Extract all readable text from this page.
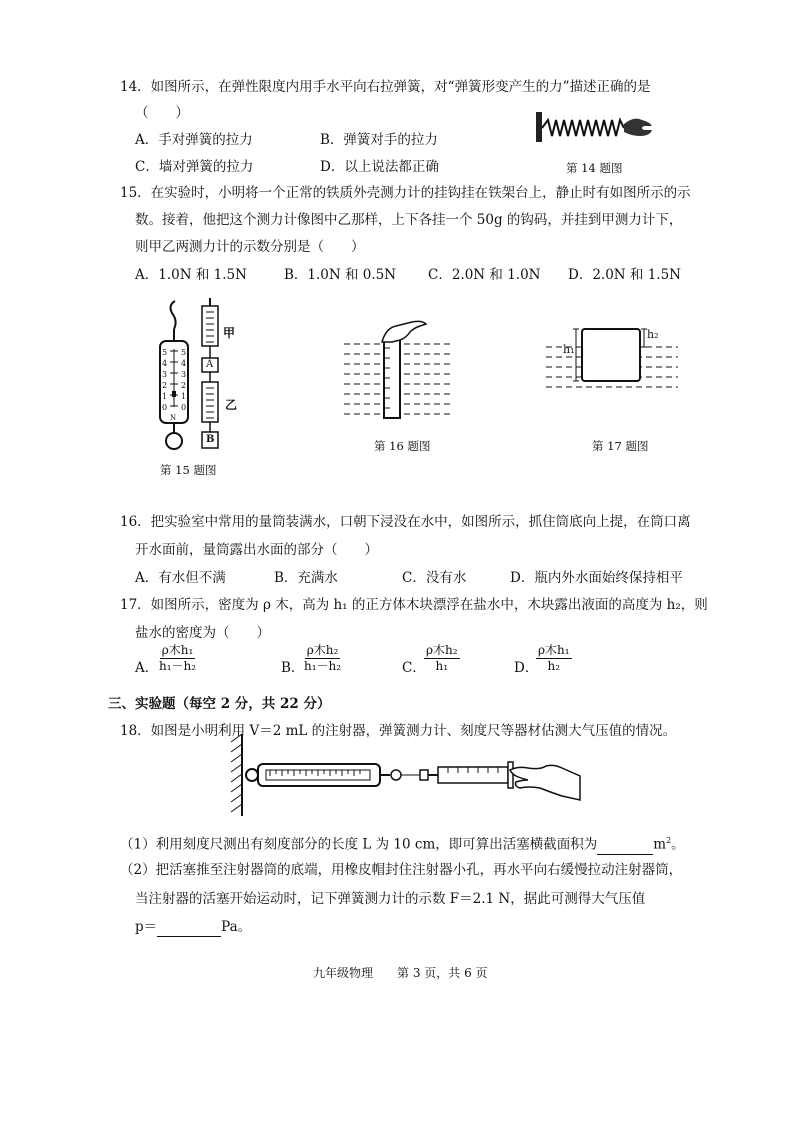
14．如图所示，在弹性限度内用手水平向右拉弹簧，对“弹簧形变产生的力”描述正确的是
（　　）
A．手对弹簧的拉力	B．弹簧对手的拉力
C．墙对弹簧的拉力	D．以上说法都正确	第 14 题图
15．在实验时，小明将一个正常的铁质外壳测力计的挂钩挂在铁架台上，静止时有如图所示的示
数。接着，他把这个测力计像图中乙那样，上下各挂一个 50g 的钩码，并挂到甲测力计下，
则甲乙两测力计的示数分别是（　　）
A．1.0N 和 1.5N	B．1.0N 和 0.5N C．2.0N 和 1.0N D．2.0N 和 1.5N
5
4
3
2
1
0
5
4
3
2
1
0
N
甲
A
乙
B
第 15 题图
第 16 题图
h₁
h₂
第 17 题图
16．把实验室中常用的量筒装满水，口朝下浸没在水中，如图所示，抓住筒底向上提，在筒口离
开水面前，量筒露出水面的部分（　　）
A．有水但不满	B．充满水	C．没有水	D．瓶内外水面始终保持相平
17．如图所示，密度为 ρ 木，高为 h₁ 的正方体木块漂浮在盐水中，木块露出液面的高度为 h₂，则
盐水的密度为（　　）
A．
ρ木h₁
h₁－h₂	B．
ρ木h₂
h₁－h₂	C．
ρ木h₂
h₁	D．
ρ木h₁
h₂
三、实验题（每空 2 分，共 22 分）
18．如图是小明利用 V＝2 mL 的注射器，弹簧测力计、刻度尺等器材估测大气压值的情况。
（1）利用刻度尺测出有刻度部分的长度 L 为 10 cm，即可算出活塞横截面积为	$m^2$。
（2）把活塞推至注射器筒的底端，用橡皮帽封住注射器小孔，再水平向右缓慢拉动注射器筒，
当注射器的活塞开始运动时，记下弹簧测力计的示数 F＝2.1 N，据此可测得大气压值
p＝	Pa。
九年级物理 第 3 页，共 6 页
